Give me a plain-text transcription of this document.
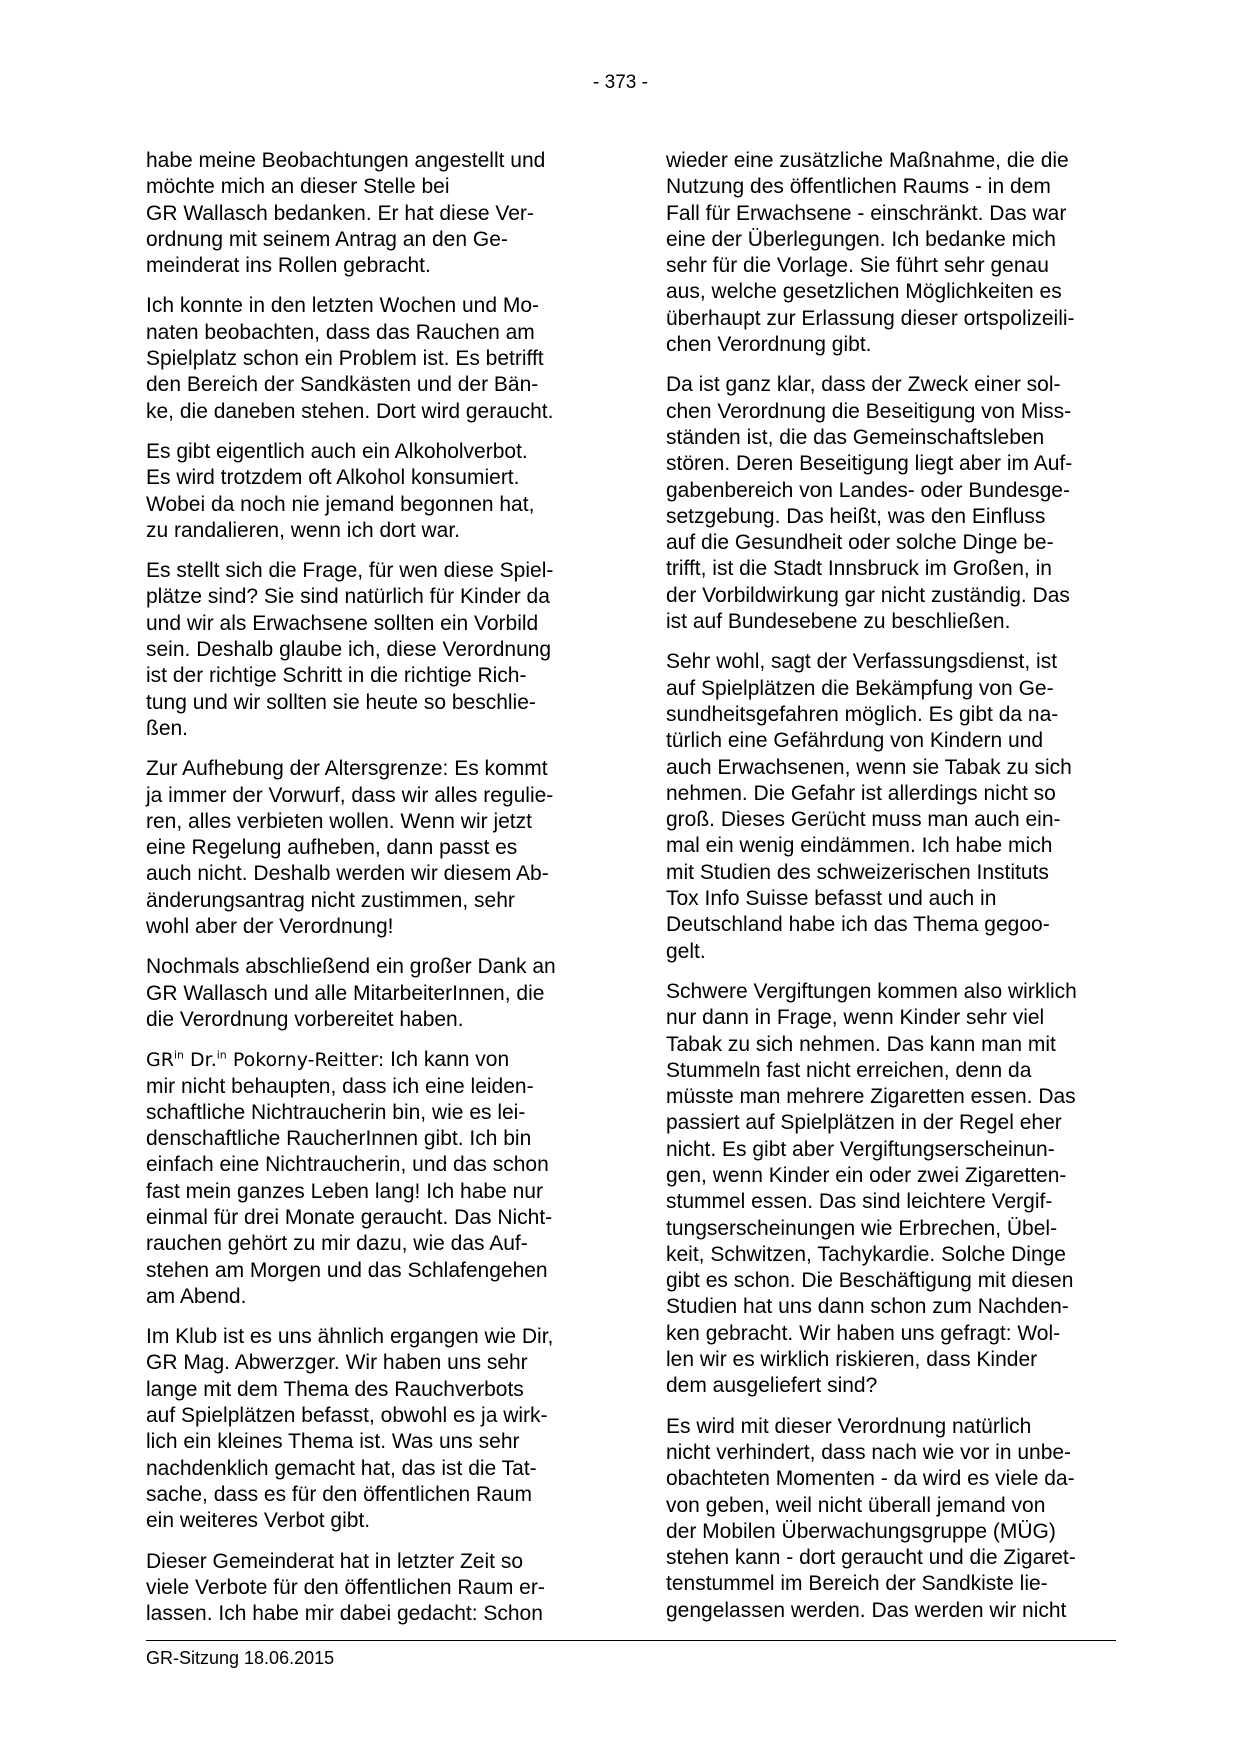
- 373 -

habe meine Beobachtungen angestellt und
möchte mich an dieser Stelle bei
GR Wallasch bedanken. Er hat diese Ver-
ordnung mit seinem Antrag an den Ge-
meinderat ins Rollen gebracht.

Ich konnte in den letzten Wochen und Mo-
naten beobachten, dass das Rauchen am
Spielplatz schon ein Problem ist. Es betrifft
den Bereich der Sandkästen und der Bän-
ke, die daneben stehen. Dort wird geraucht.

Es gibt eigentlich auch ein Alkoholverbot.
Es wird trotzdem oft Alkohol konsumiert.
Wobei da noch nie jemand begonnen hat,
zu randalieren, wenn ich dort war.

Es stellt sich die Frage, für wen diese Spiel-
plätze sind? Sie sind natürlich für Kinder da
und wir als Erwachsene sollten ein Vorbild
sein. Deshalb glaube ich, diese Verordnung
ist der richtige Schritt in die richtige Rich-
tung und wir sollten sie heute so beschlie-
ßen.

Zur Aufhebung der Altersgrenze: Es kommt
ja immer der Vorwurf, dass wir alles regulie-
ren, alles verbieten wollen. Wenn wir jetzt
eine Regelung aufheben, dann passt es
auch nicht. Deshalb werden wir diesem Ab-
änderungsantrag nicht zustimmen, sehr
wohl aber der Verordnung!

Nochmals abschließend ein großer Dank an
GR Wallasch und alle MitarbeiterInnen, die
die Verordnung vorbereitet haben.

$GR^{in}$ Dr.$^{in}$ Pokorny-Reitter: Ich kann von
mir nicht behaupten, dass ich eine leiden-
schaftliche Nichtraucherin bin, wie es lei-
denschaftliche RaucherInnen gibt. Ich bin
einfach eine Nichtraucherin, und das schon
fast mein ganzes Leben lang! Ich habe nur
einmal für drei Monate geraucht. Das Nicht-
rauchen gehört zu mir dazu, wie das Auf-
stehen am Morgen und das Schlafengehen
am Abend.

Im Klub ist es uns ähnlich ergangen wie Dir,
GR Mag. Abwerzger. Wir haben uns sehr
lange mit dem Thema des Rauchverbots
auf Spielplätzen befasst, obwohl es ja wirk-
lich ein kleines Thema ist. Was uns sehr
nachdenklich gemacht hat, das ist die Tat-
sache, dass es für den öffentlichen Raum
ein weiteres Verbot gibt.

Dieser Gemeinderat hat in letzter Zeit so
viele Verbote für den öffentlichen Raum er-
lassen. Ich habe mir dabei gedacht: Schon

wieder eine zusätzliche Maßnahme, die die
Nutzung des öffentlichen Raums - in dem
Fall für Erwachsene - einschränkt. Das war
eine der Überlegungen. Ich bedanke mich
sehr für die Vorlage. Sie führt sehr genau
aus, welche gesetzlichen Möglichkeiten es
überhaupt zur Erlassung dieser ortspolizeili-
chen Verordnung gibt.

Da ist ganz klar, dass der Zweck einer sol-
chen Verordnung die Beseitigung von Miss-
ständen ist, die das Gemeinschaftsleben
stören. Deren Beseitigung liegt aber im Auf-
gabenbereich von Landes- oder Bundesge-
setzgebung. Das heißt, was den Einfluss
auf die Gesundheit oder solche Dinge be-
trifft, ist die Stadt Innsbruck im Großen, in
der Vorbildwirkung gar nicht zuständig. Das
ist auf Bundesebene zu beschließen.

Sehr wohl, sagt der Verfassungsdienst, ist
auf Spielplätzen die Bekämpfung von Ge-
sundheitsgefahren möglich. Es gibt da na-
türlich eine Gefährdung von Kindern und
auch Erwachsenen, wenn sie Tabak zu sich
nehmen. Die Gefahr ist allerdings nicht so
groß. Dieses Gerücht muss man auch ein-
mal ein wenig eindämmen. Ich habe mich
mit Studien des schweizerischen Instituts
Tox Info Suisse befasst und auch in
Deutschland habe ich das Thema gegoo-
gelt.

Schwere Vergiftungen kommen also wirklich
nur dann in Frage, wenn Kinder sehr viel
Tabak zu sich nehmen. Das kann man mit
Stummeln fast nicht erreichen, denn da
müsste man mehrere Zigaretten essen. Das
passiert auf Spielplätzen in der Regel eher
nicht. Es gibt aber Vergiftungserscheinun-
gen, wenn Kinder ein oder zwei Zigaretten-
stummel essen. Das sind leichtere Vergif-
tungserscheinungen wie Erbrechen, Übel-
keit, Schwitzen, Tachykardie. Solche Dinge
gibt es schon. Die Beschäftigung mit diesen
Studien hat uns dann schon zum Nachden-
ken gebracht. Wir haben uns gefragt: Wol-
len wir es wirklich riskieren, dass Kinder
dem ausgeliefert sind?

Es wird mit dieser Verordnung natürlich
nicht verhindert, dass nach wie vor in unbe-
obachteten Momenten - da wird es viele da-
von geben, weil nicht überall jemand von
der Mobilen Überwachungsgruppe (MÜG)
stehen kann - dort geraucht und die Zigaret-
tenstummel im Bereich der Sandkiste lie-
gengelassen werden. Das werden wir nicht

GR-Sitzung 18.06.2015
